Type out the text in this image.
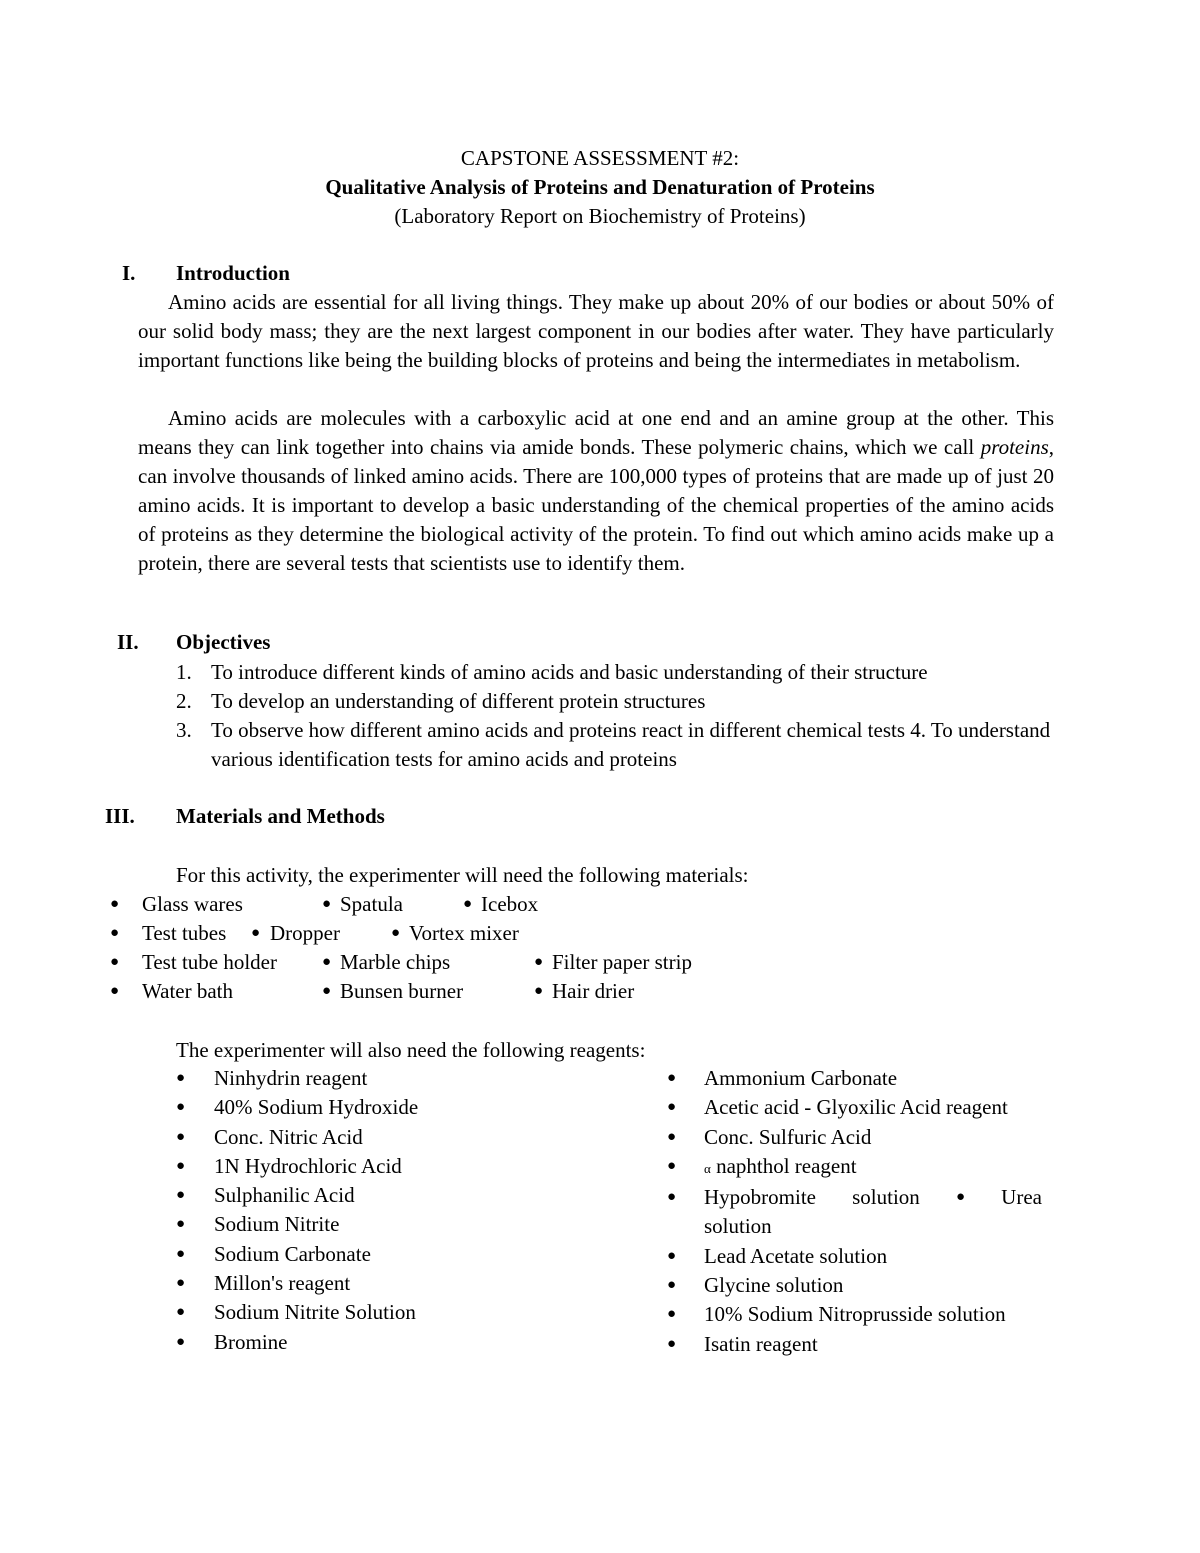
CAPSTONE ASSESSMENT #2:
Qualitative Analysis of Proteins and Denaturation of Proteins
(Laboratory Report on Biochemistry of Proteins)
I. Introduction

Amino acids are essential for all living things. They make up about 20% of our bodies or about 50% of our solid body mass; they are the next largest component in our bodies after water. They have particularly important functions like being the building blocks of proteins and being the intermediates in metabolism.

Amino acids are molecules with a carboxylic acid at one end and an amine group at the other. This means they can link together into chains via amide bonds. These polymeric chains, which we call proteins, can involve thousands of linked amino acids. There are 100,000 types of proteins that are made up of just 20 amino acids. It is important to develop a basic understanding of the chemical properties of the amino acids of proteins as they determine the biological activity of the protein. To find out which amino acids make up a protein, there are several tests that scientists use to identify them.

II. Objectives
1. To introduce different kinds of amino acids and basic understanding of their structure
2. To develop an understanding of different protein structures
3. To observe how different amino acids and proteins react in different chemical tests 4. To understand various identification tests for amino acids and proteins
III. Materials and Methods
For this activity, the experimenter will need the following materials:
● Glass wares	● Spatula	● Icebox
● Test tubes ● Dropper	● Vortex mixer
● Test tube holder	● Marble chips	● Filter paper strip
● Water bath	● Bunsen burner	● Hair drier
The experimenter will also need the following reagents:
● Ninhydrin reagent
● 40% Sodium Hydroxide
● Conc. Nitric Acid
● 1N Hydrochloric Acid
● Sulphanilic Acid
● Sodium Nitrite
● Sodium Carbonate
● Millon's reagent
● Sodium Nitrite Solution
● Bromine
● Ammonium Carbonate
● Acetic acid - Glyoxilic Acid reagent
● Conc. Sulfuric Acid
● α naphthol reagent
● Hypobromite solution ● Urea
solution
● Lead Acetate solution
● Glycine solution
● 10% Sodium Nitroprusside solution
● Isatin reagent
